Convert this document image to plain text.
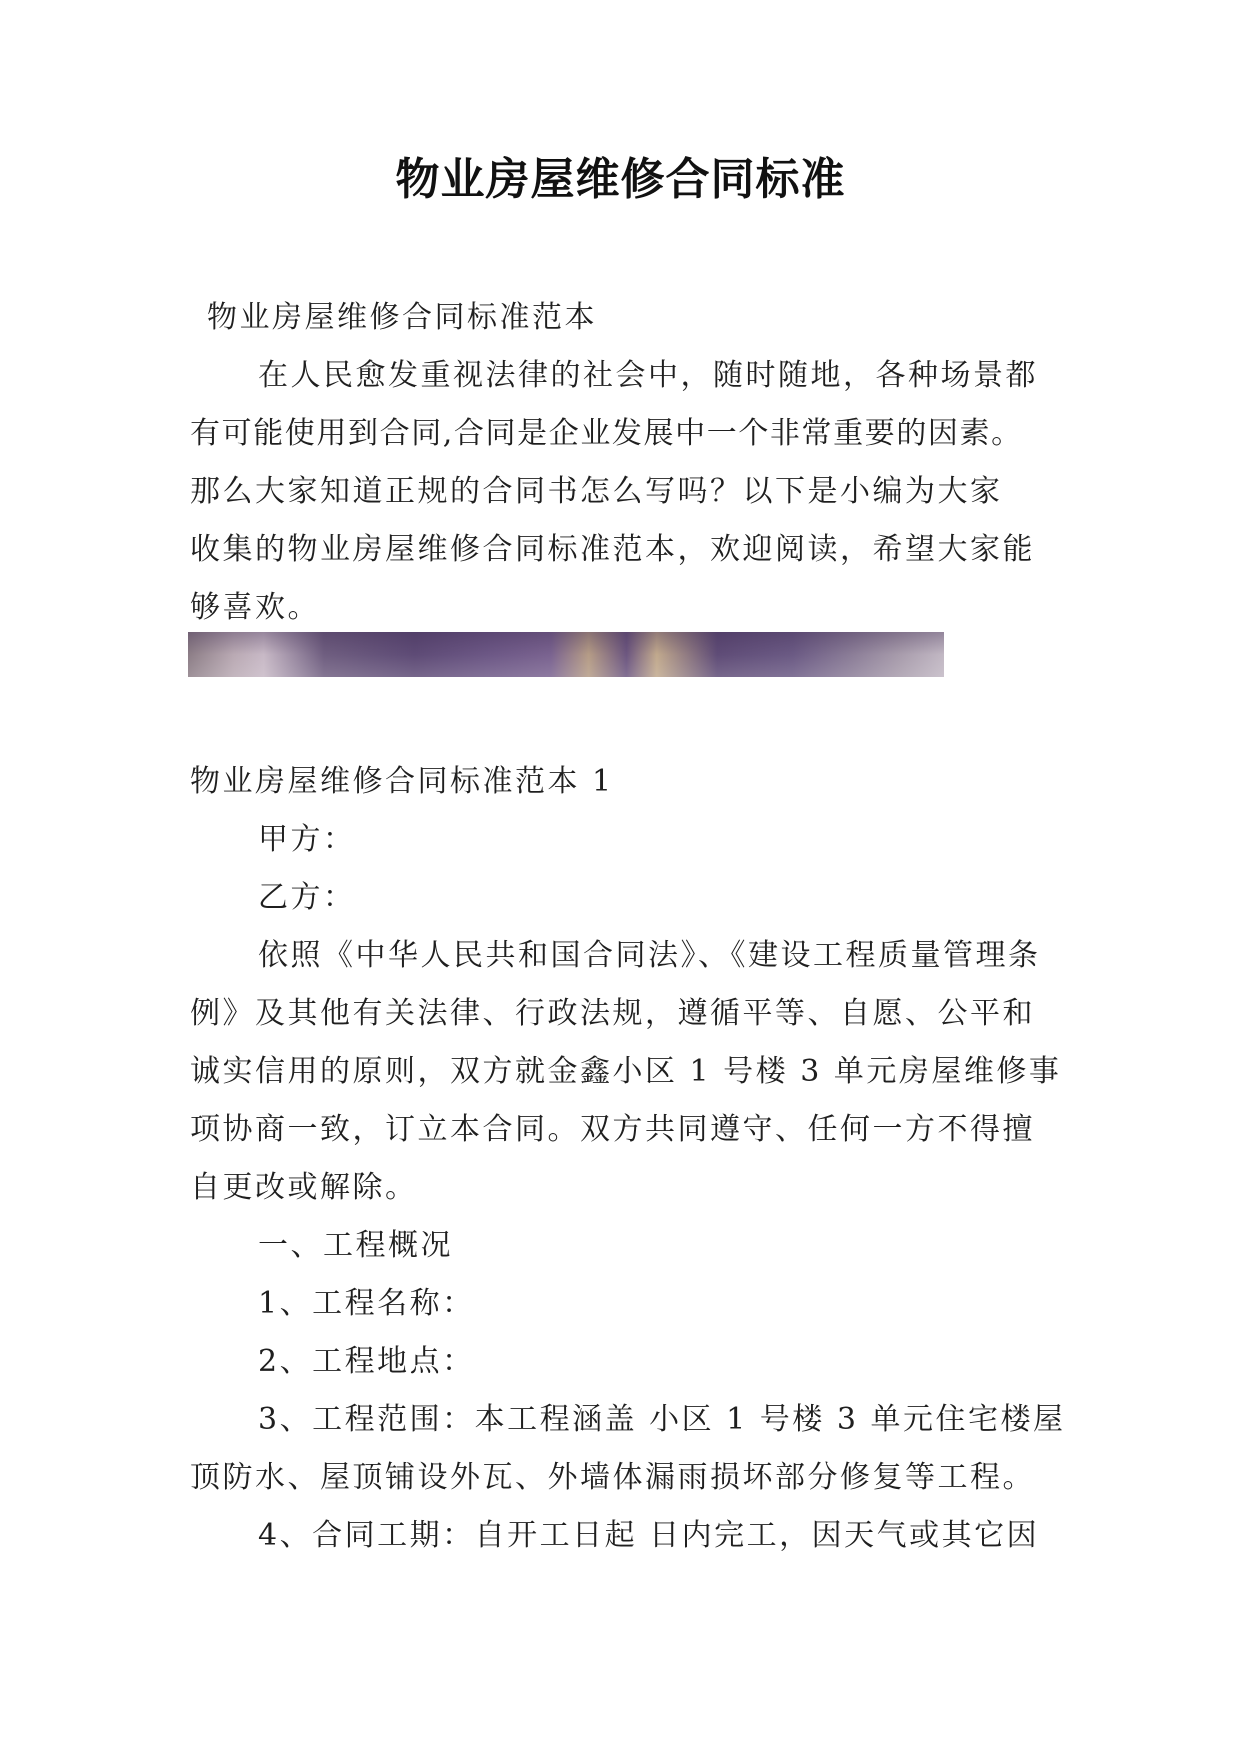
物业房屋维修合同标准
物业房屋维修合同标准范本
在人民愈发重视法律的社会中，随时随地，各种场景都
有可能使用到合同,合同是企业发展中一个非常重要的因素。
那么大家知道正规的合同书怎么写吗？以下是小编为大家
收集的物业房屋维修合同标准范本，欢迎阅读，希望大家能
够喜欢。
物业房屋维修合同标准范本 1
甲方：
乙方：
依照《中华人民共和国合同法》、《建设工程质量管理条
例》及其他有关法律、行政法规，遵循平等、自愿、公平和
诚实信用的原则，双方就金鑫小区 1 号楼 3 单元房屋维修事
项协商一致，订立本合同。双方共同遵守、任何一方不得擅
自更改或解除。
一、工程概况
1、工程名称：
2、工程地点：
3、工程范围：本工程涵盖 小区 1 号楼 3 单元住宅楼屋
顶防水、屋顶铺设外瓦、外墙体漏雨损坏部分修复等工程。
4、合同工期：自开工日起 日内完工，因天气或其它因
